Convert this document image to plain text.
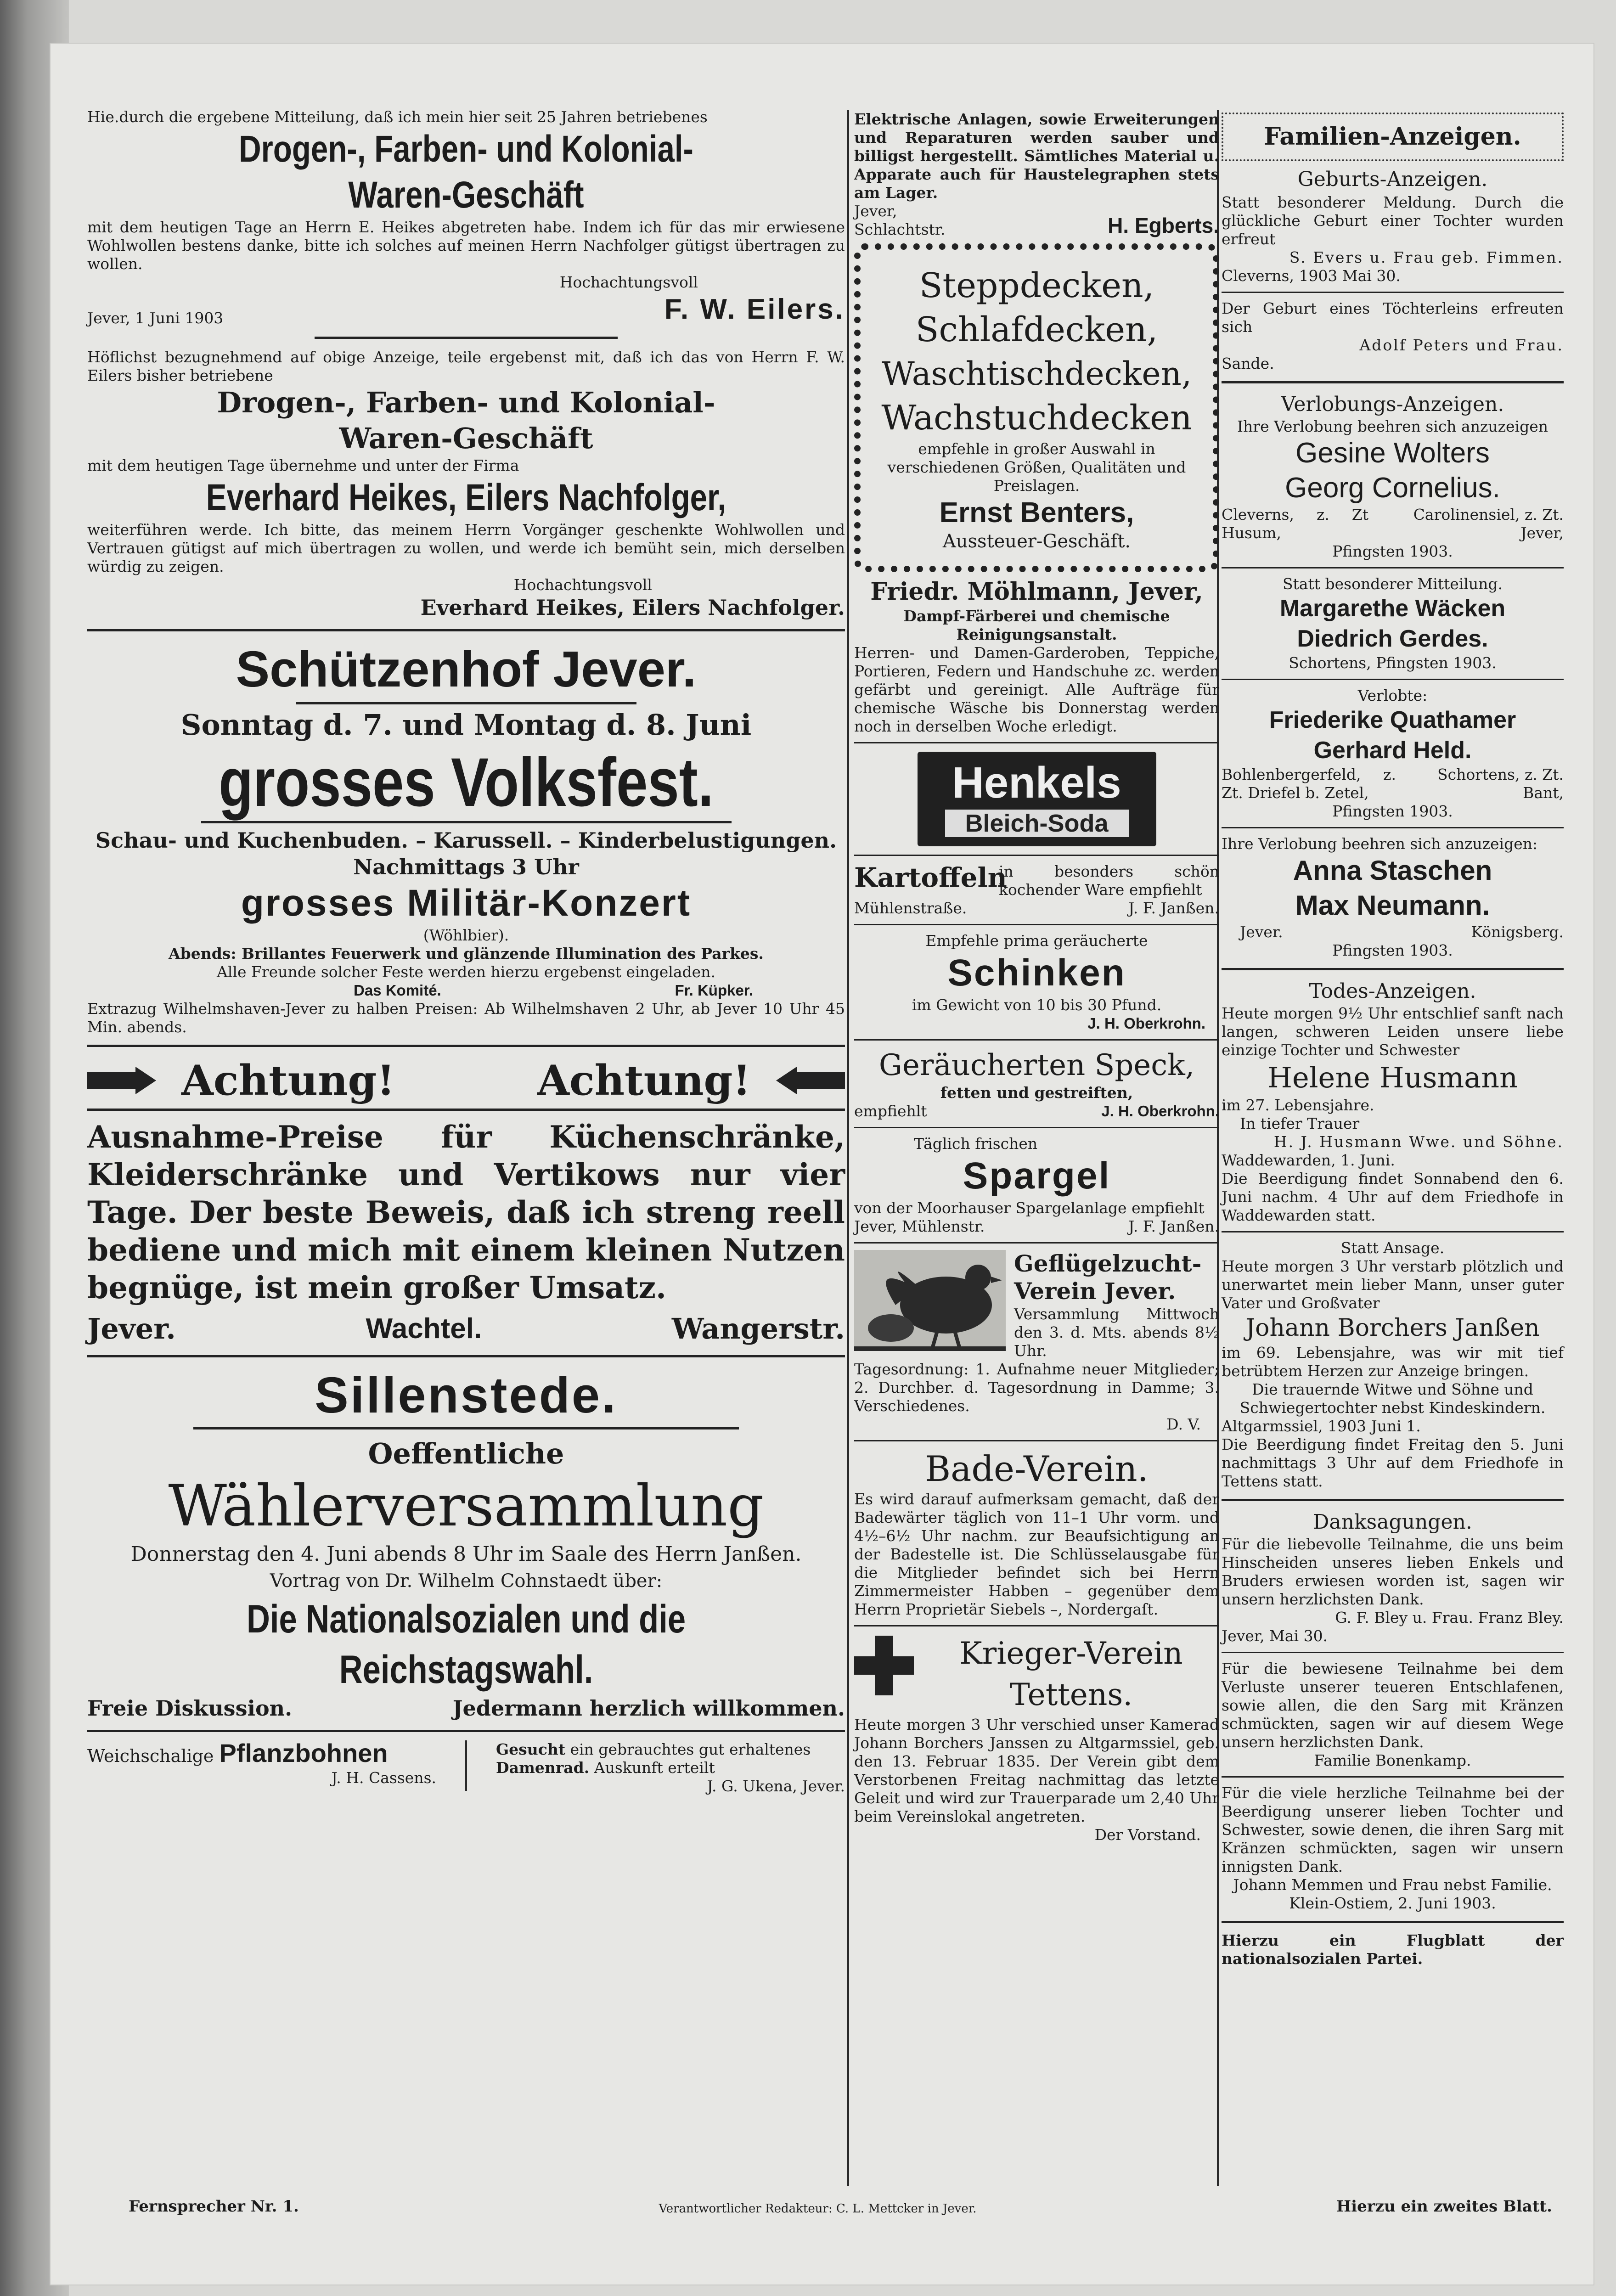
Hie.durch die ergebene Mitteilung, daß ich mein hier seit 25 Jahren betriebenes

Drogen-, Farben- und Kolonial-

Waren-Geschäft

mit dem heutigen Tage an Herrn E. Heikes abgetreten habe. Indem ich für das mir erwiesene Wohlwollen bestens danke, bitte ich solches auf meinen Herrn Nachfolger gütigst übertragen zu wollen.

Hochachtungsvoll

Jever, 1 Juni 1903	F. W. Eilers.

Höflichst bezugnehmend auf obige Anzeige, teile ergebenst mit, daß ich das von Herrn F. W. Eilers bisher betriebene

Drogen-, Farben- und Kolonial-

Waren-Geschäft

mit dem heutigen Tage übernehme und unter der Firma

Everhard Heikes, Eilers Nachfolger,

weiterführen werde. Ich bitte, das meinem Herrn Vorgänger geschenkte Wohlwollen und Vertrauen gütigst auf mich übertragen zu wollen, und werde ich bemüht sein, mich derselben würdig zu zeigen.

Hochachtungsvoll

Everhard Heikes, Eilers Nachfolger.

Schützenhof Jever.

Sonntag d. 7. und Montag d. 8. Juni

grosses Volksfest.

Schau- und Kuchenbuden. – Karussell. – Kinderbelustigungen.

Nachmittags 3 Uhr

grosses Militär-Konzert

(Wöhlbier).

Abends: Brillantes Feuerwerk und glänzende Illumination des Parkes.

Alle Freunde solcher Feste werden hierzu ergebenst eingeladen.

Das Komité.	Fr. Küpker.

Extrazug Wilhelmshaven-Jever zu halben Preisen: Ab Wilhelmshaven 2 Uhr, ab Jever 10 Uhr 45 Min. abends.

Achtung!	Achtung!

Ausnahme-Preise für Küchenschränke, Kleiderschränke und Vertikows nur vier Tage. Der beste Beweis, daß ich streng reell bediene und mich mit einem kleinen Nutzen begnüge, ist mein großer Umsatz.

Jever.	Wachtel.	Wangerstr.

Sillenstede.

Oeffentliche

Wählerversammlung

Donnerstag den 4. Juni abends 8 Uhr im Saale des Herrn Janßen.

Vortrag von Dr. Wilhelm Cohnstaedt über:

Die Nationalsozialen und die Reichstagswahl.

Freie Diskussion.	Jedermann herzlich willkommen.

Weichschalige Pflanzbohnen

J. H. Cassens.

Gesucht ein gebrauchtes gut erhaltenes

Damenrad. Auskunft erteilt

J. G. Ukena, Jever.

Elektrische Anlagen, sowie Erweiterungen und Reparaturen werden sauber und billigst hergestellt. Sämtliches Material u. Apparate auch für Haustelegraphen stets am Lager.

Jever, Schlachtstr.	H. Egberts.

Steppdecken,

Schlafdecken,

Waschtischdecken,

Wachstuchdecken

empfehle in großer Auswahl in verschiedenen Größen, Qualitäten und Preislagen.

Ernst Benters,

Aussteuer-Geschäft.

Friedr. Möhlmann, Jever,

Dampf-Färberei und chemische Reinigungsanstalt.

Herren- und Damen-Garderoben, Teppiche, Portieren, Federn und Handschuhe zc. werden gefärbt und gereinigt. Alle Aufträge für chemische Wäsche bis Donnerstag werden noch in derselben Woche erledigt.

Henkels
Bleich-Soda

Kartoffeln

in besonders schön kochender Ware empfiehlt

Mühlenstraße.	J. F. Janßen.

Empfehle prima geräucherte

Schinken

im Gewicht von 10 bis 30 Pfund.

J. H. Oberkrohn.

Geräucherten Speck,

fetten und gestreiften,

empfiehlt	J. H. Oberkrohn.

Täglich frischen

Spargel

von der Moorhauser Spargelanlage empfiehlt

Jever, Mühlenstr.	J. F. Janßen.

Geflügelzucht-Verein Jever.

Versammlung Mittwoch den 3. d. Mts. abends 8½ Uhr.

Tagesordnung: 1. Aufnahme neuer Mitglieder; 2. Durchber. d. Tagesordnung in Damme; 3. Verschiedenes.

D. V.

Bade-Verein.

Es wird darauf aufmerksam gemacht, daß der Badewärter täglich von 11–1 Uhr vorm. und 4½–6½ Uhr nachm. zur Beaufsichtigung an der Badestelle ist. Die Schlüsselausgabe für die Mitglieder befindet sich bei Herrn Zimmermeister Habben – gegenüber dem Herrn Proprietär Siebels –, Nordergaſt.

Krieger-Verein Tettens.

Heute morgen 3 Uhr verschied unser Kamerad Johann Borchers Janssen zu Altgarmssiel, geb. den 13. Februar 1835. Der Verein gibt dem Verstorbenen Freitag nachmittag das letzte Geleit und wird zur Trauerparade um 2,40 Uhr beim Vereinslokal angetreten.

Der Vorstand.

Familien-Anzeigen.

Geburts-Anzeigen.

Statt besonderer Meldung. Durch die glückliche Geburt einer Tochter wurden erfreut

S. Evers u. Frau geb. Fimmen.

Cleverns, 1903 Mai 30.

Der Geburt eines Töchterleins erfreuten sich

Adolf Peters und Frau.

Sande.

Verlobungs-Anzeigen.

Ihre Verlobung beehren sich anzuzeigen

Gesine Wolters

Georg Cornelius.

Cleverns, z. Zt Husum,

Carolinensiel, z. Zt. Jever,

Pfingsten 1903.

Statt besonderer Mitteilung.

Margarethe Wäcken

Diedrich Gerdes.

Schortens, Pfingsten 1903.

Verlobte:

Friederike Quathamer

Gerhard Held.

Bohlenbergerfeld, z. Zt. Driefel b. Zetel,

Schortens, z. Zt. Bant,

Pfingsten 1903.

Ihre Verlobung beehren sich anzuzeigen:

Anna Staschen

Max Neumann.

Jever.	Königsberg.

Pfingsten 1903.

Todes-Anzeigen.

Heute morgen 9½ Uhr entschlief sanft nach langen, schweren Leiden unsere liebe einzige Tochter und Schwester

Helene Husmann

im 27. Lebensjahre.

In tiefer Trauer

H. J. Husmann Wwe. und Söhne.

Waddewarden, 1. Juni.

Die Beerdigung findet Sonnabend den 6. Juni nachm. 4 Uhr auf dem Friedhofe in Waddewarden statt.

Statt Ansage.

Heute morgen 3 Uhr verstarb plötzlich und unerwartet mein lieber Mann, unser guter Vater und Großvater

Johann Borchers Janßen

im 69. Lebensjahre, was wir mit tief betrübtem Herzen zur Anzeige bringen.

Die trauernde Witwe und Söhne und Schwiegertochter nebst Kindeskindern.

Altgarmssiel, 1903 Juni 1.

Die Beerdigung findet Freitag den 5. Juni nachmittags 3 Uhr auf dem Friedhofe in Tettens statt.

Danksagungen.

Für die liebevolle Teilnahme, die uns beim Hinscheiden unseres lieben Enkels und Bruders erwiesen worden ist, sagen wir unsern herzlichsten Dank.

G. F. Bley u. Frau. Franz Bley.

Jever, Mai 30.

Für die bewiesene Teilnahme bei dem Verluste unserer teueren Entschlafenen, sowie allen, die den Sarg mit Kränzen schmückten, sagen wir auf diesem Wege unsern herzlichsten Dank.

Familie Bonenkamp.

Für die viele herzliche Teilnahme bei der Beerdigung unserer lieben Tochter und Schwester, sowie denen, die ihren Sarg mit Kränzen schmückten, sagen wir unsern innigsten Dank.

Johann Memmen und Frau nebst Familie.

Klein-Ostiem, 2. Juni 1903.

Hierzu ein Flugblatt der nationalsozialen Partei.

Fernsprecher Nr. 1.	Verantwortlicher Redakteur: C. L. Mettcker in Jever.	Hierzu ein zweites Blatt.
